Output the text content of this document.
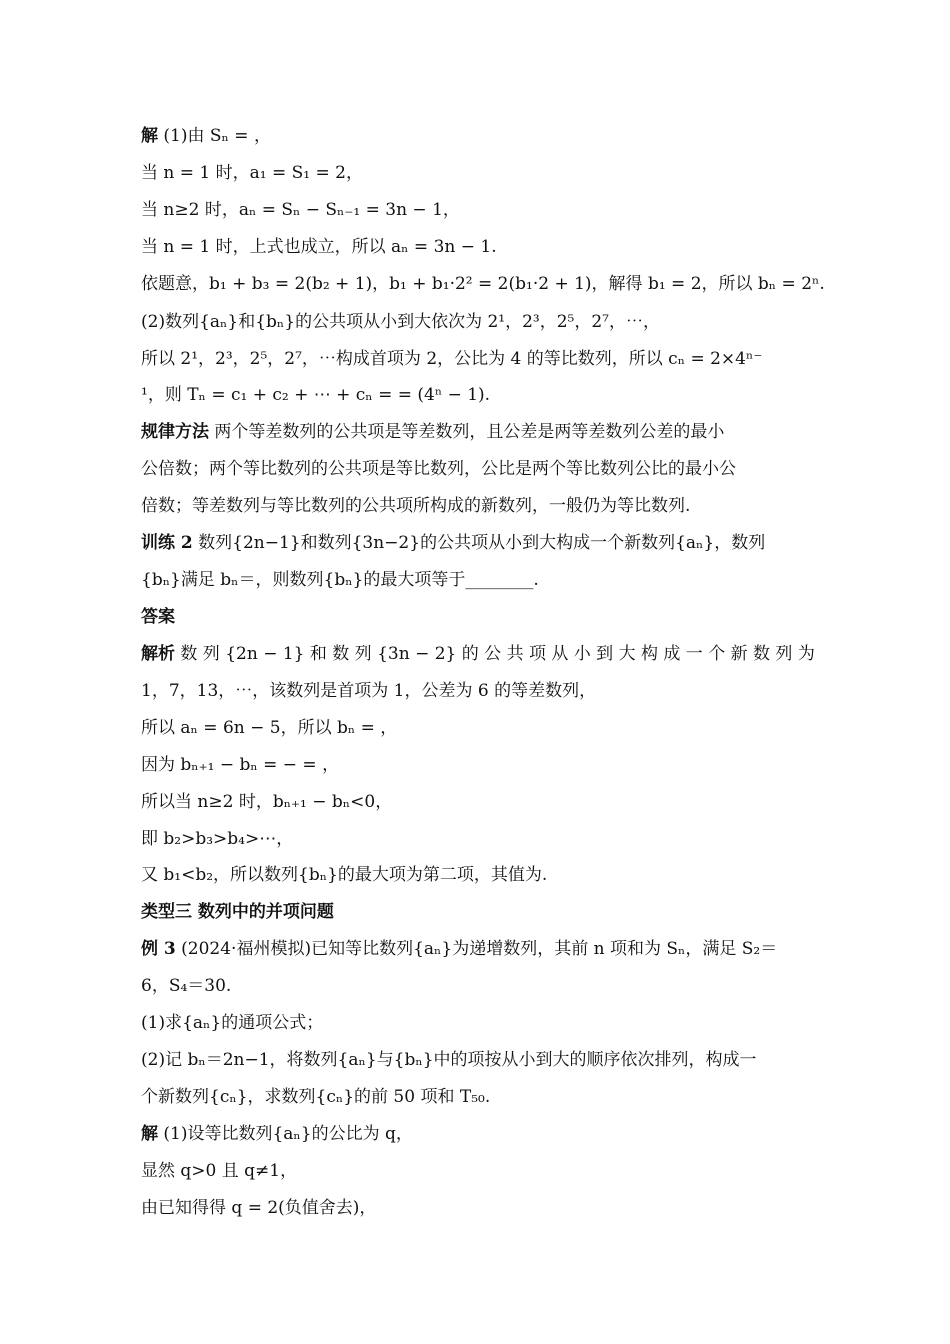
解 (1)由 Sₙ = ，
当 n = 1 时，a₁ = S₁ = 2，
当 n≥2 时，aₙ = Sₙ − Sₙ₋₁ = 3n − 1，
当 n = 1 时，上式也成立，所以 aₙ = 3n − 1.
依题意，b₁ + b₃ = 2(b₂ + 1)，b₁ + b₁·2² = 2(b₁·2 + 1)，解得 b₁ = 2，所以 bₙ = 2ⁿ.
(2)数列{aₙ}和{bₙ}的公共项从小到大依次为 2¹，2³，2⁵，2⁷，⋯，
所以 2¹，2³，2⁵，2⁷，⋯构成首项为 2，公比为 4 的等比数列，所以 cₙ = 2×4ⁿ⁻
¹，则 Tₙ = c₁ + c₂ + ⋯ + cₙ = = (4ⁿ − 1).
规律方法 两个等差数列的公共项是等差数列，且公差是两等差数列公差的最小
公倍数；两个等比数列的公共项是等比数列，公比是两个等比数列公比的最小公
倍数；等差数列与等比数列的公共项所构成的新数列，一般仍为等比数列.
训练 2 数列{2n−1}和数列{3n−2}的公共项从小到大构成一个新数列{aₙ}，数列
{bₙ}满足 bₙ＝，则数列{bₙ}的最大项等于________.
答案
解析 数 列 {2n − 1} 和 数 列 {3n − 2} 的 公 共 项 从 小 到 大 构 成 一 个 新 数 列 为
1，7，13，⋯，该数列是首项为 1，公差为 6 的等差数列，
所以 aₙ = 6n − 5，所以 bₙ = ，
因为 bₙ₊₁ − bₙ = − = ，
所以当 n≥2 时，bₙ₊₁ − bₙ<0，
即 b₂>b₃>b₄>⋯，
又 b₁<b₂，所以数列{bₙ}的最大项为第二项，其值为.
类型三 数列中的并项问题
例 3 (2024·福州模拟)已知等比数列{aₙ}为递增数列，其前 n 项和为 Sₙ，满足 S₂＝
6，S₄＝30.
(1)求{aₙ}的通项公式；
(2)记 bₙ＝2n−1，将数列{aₙ}与{bₙ}中的项按从小到大的顺序依次排列，构成一
个新数列{cₙ}，求数列{cₙ}的前 50 项和 T₅₀.
解 (1)设等比数列{aₙ}的公比为 q，
显然 q>0 且 q≠1，
由已知得得 q = 2(负值舍去)，
